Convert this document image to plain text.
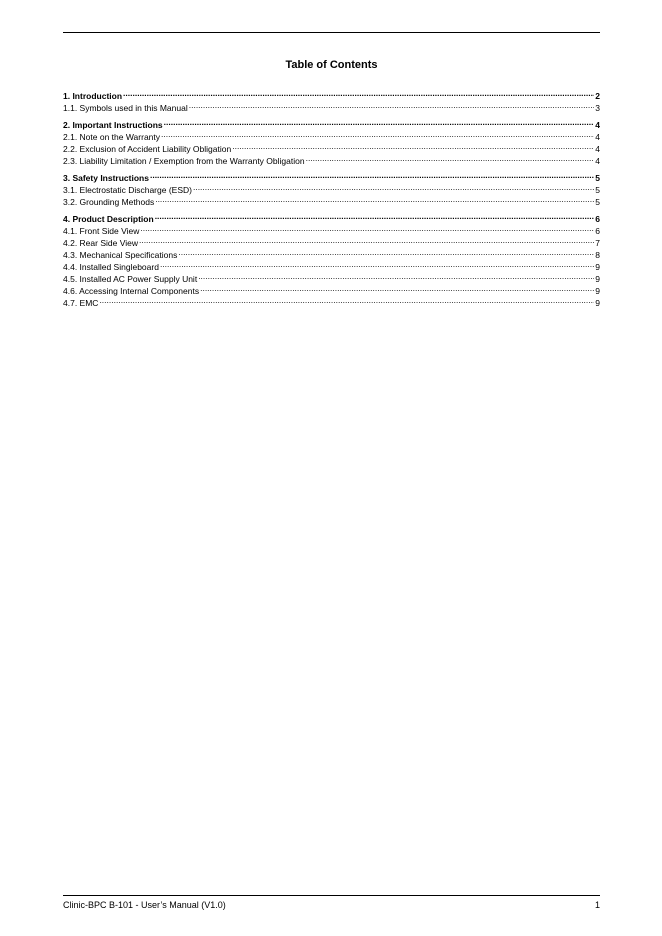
Table of Contents
1. Introduction .....	2
1.1. Symbols used in this Manual .....	3
2. Important Instructions .....	4
2.1. Note on the Warranty .....	4
2.2. Exclusion of Accident Liability Obligation .....	4
2.3. Liability Limitation / Exemption from the Warranty Obligation .....	4
3. Safety Instructions .....	5
3.1. Electrostatic Discharge (ESD) .....	5
3.2. Grounding Methods .....	5
4. Product Description .....	6
4.1. Front Side View .....	6
4.2. Rear Side View .....	7
4.3. Mechanical Specifications .....	8
4.4. Installed Singleboard .....	9
4.5. Installed AC Power Supply Unit .....	9
4.6. Accessing Internal Components .....	9
4.7. EMC .....	9
Clinic-BPC B-101 - User’s Manual (V1.0)	1
